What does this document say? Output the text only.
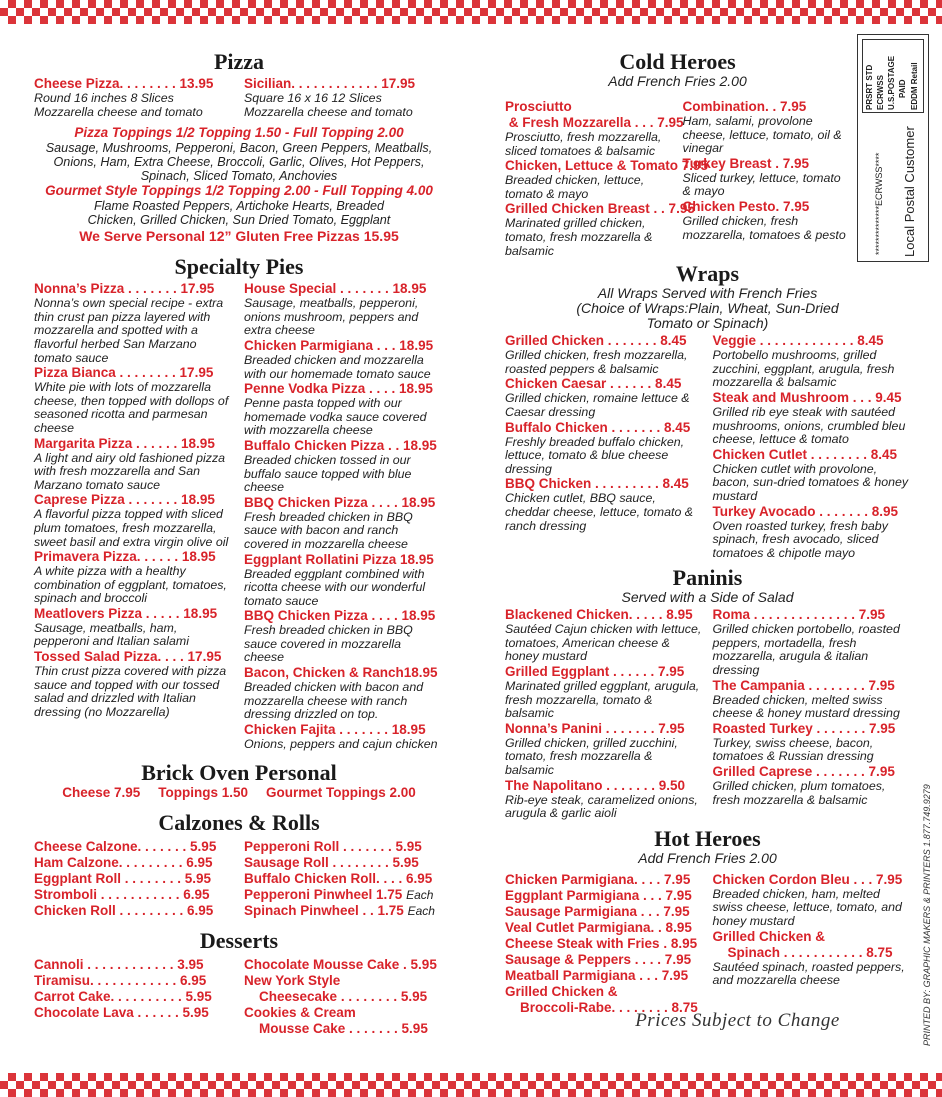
Pizza
Cheese Pizza. . . . . . . . 13.95
Round 16 inches 8 Slices
Mozzarella cheese and tomato
Sicilian. . . . . . . . . . . . 17.95
Square 16 x 16 12 Slices
Mozzarella cheese and tomato
Pizza Toppings 1/2 Topping 1.50 - Full Topping 2.00
Sausage, Mushrooms, Pepperoni, Bacon, Green Peppers, Meatballs, Onions, Ham, Extra Cheese, Broccoli, Garlic, Olives, Hot Peppers, Spinach, Sliced Tomato, Anchovies
Gourmet Style Toppings 1/2 Topping 2.00 - Full Topping 4.00
Flame Roasted Peppers, Artichoke Hearts, Breaded Chicken, Grilled Chicken, Sun Dried Tomato, Eggplant
We Serve Personal 12” Gluten Free Pizzas 15.95
Specialty Pies
Nonna’s Pizza . . . . . . . 17.95
Nonna’s own special recipe - extra thin crust pan pizza layered with mozzarella and spotted with a flavorful herbed San Marzano tomato sauce
Pizza Bianca . . . . . . . . 17.95
White pie with lots of mozzarella cheese, then topped with dollops of seasoned ricotta and parmesan cheese
Margarita Pizza . . . . . . 18.95
A light and airy old fashioned pizza with fresh mozzarella and San Marzano tomato sauce
Caprese Pizza . . . . . . . 18.95
A flavorful pizza topped with sliced plum tomatoes, fresh mozzarella, sweet basil and extra virgin olive oil
Primavera Pizza. . . . . . 18.95
A white pizza with a healthy combination of eggplant, tomatoes, spinach and broccoli
Meatlovers Pizza . . . . . 18.95
Sausage, meatballs, ham, pepperoni and Italian salami
Tossed Salad Pizza. . . . 17.95
Thin crust pizza covered with pizza sauce and topped with our tossed salad and drizzled with Italian dressing (no Mozzarella)
House Special . . . . . . . 18.95
Sausage, meatballs, pepperoni, onions mushroom, peppers and extra cheese
Chicken Parmigiana . . . 18.95
Breaded chicken and mozzarella with our homemade tomato sauce
Penne Vodka Pizza . . . . 18.95
Penne pasta topped with our homemade vodka sauce covered with mozzarella cheese
Buffalo Chicken Pizza . . 18.95
Breaded chicken tossed in our buffalo sauce topped with blue cheese
BBQ Chicken Pizza . . . . 18.95
Fresh breaded chicken in BBQ sauce with bacon and ranch covered in mozzarella cheese
Eggplant Rollatini Pizza 18.95
Breaded eggplant combined with ricotta cheese with our wonderful tomato sauce
BBQ Chicken Pizza . . . . 18.95
Fresh breaded chicken in BBQ sauce covered in mozzarella cheese
Bacon, Chicken & Ranch18.95
Breaded chicken with bacon and mozzarella cheese with ranch dressing drizzled on top.
Chicken Fajita . . . . . . . 18.95
Onions, peppers and cajun chicken
Brick Oven Personal
Cheese 7.95 Toppings 1.50 Gourmet Toppings 2.00
Calzones & Rolls
Cheese Calzone. . . . . . . 5.95
Ham Calzone. . . . . . . . . 6.95
Eggplant Roll . . . . . . . . 5.95
Stromboli . . . . . . . . . . . 6.95
Chicken Roll . . . . . . . . . 6.95
Pepperoni Roll . . . . . . . 5.95
Sausage Roll . . . . . . . . 5.95
Buffalo Chicken Roll. . . . 6.95
Pepperoni Pinwheel 1.75 Each
Spinach Pinwheel . . 1.75 Each
Desserts
Cannoli . . . . . . . . . . . . 3.95
Tiramisu. . . . . . . . . . . . 6.95
Carrot Cake. . . . . . . . . . 5.95
Chocolate Lava . . . . . . 5.95
Chocolate Mousse Cake . 5.95
New York Style
Cheesecake . . . . . . . . 5.95
Cookies & Cream
Mousse Cake . . . . . . . 5.95
Cold Heroes
Add French Fries 2.00
Prosciutto
& Fresh Mozzarella . . . 7.95
Prosciutto, fresh mozzarella, sliced tomatoes & balsamic
Chicken, Lettuce & Tomato 7.95
Breaded chicken, lettuce, tomato & mayo
Grilled Chicken Breast . . 7.95
Marinated grilled chicken, tomato, fresh mozzarella & balsamic
Combination. . 7.95
Ham, salami, provolone cheese, lettuce, tomato, oil & vinegar
Turkey Breast . 7.95
Sliced turkey, lettuce, tomato & mayo
Chicken Pesto. 7.95
Grilled chicken, fresh mozzarella, tomatoes & pesto
Wraps
All Wraps Served with French Fries
(Choice of Wraps:Plain, Wheat, Sun-Dried Tomato or Spinach)
Grilled Chicken . . . . . . . 8.45
Grilled chicken, fresh mozzarella, roasted peppers & balsamic
Chicken Caesar . . . . . . 8.45
Grilled chicken, romaine lettuce & Caesar dressing
Buffalo Chicken . . . . . . . 8.45
Freshly breaded buffalo chicken, lettuce, tomato & blue cheese dressing
BBQ Chicken . . . . . . . . . 8.45
Chicken cutlet, BBQ sauce, cheddar cheese, lettuce, tomato & ranch dressing
Veggie . . . . . . . . . . . . . 8.45
Portobello mushrooms, grilled zucchini, eggplant, arugula, fresh mozzarella & balsamic
Steak and Mushroom . . . 9.45
Grilled rib eye steak with sautéed mushrooms, onions, crumbled bleu cheese, lettuce & tomato
Chicken Cutlet . . . . . . . . 8.45
Chicken cutlet with provolone, bacon, sun-dried tomatoes & honey mustard
Turkey Avocado . . . . . . . 8.95
Oven roasted turkey, fresh baby spinach, fresh avocado, sliced tomatoes & chipotle mayo
Paninis
Served with a Side of Salad
Blackened Chicken. . . . . 8.95
Sautéed Cajun chicken with lettuce, tomatoes, American cheese & honey mustard
Grilled Eggplant . . . . . . 7.95
Marinated grilled eggplant, arugula, fresh mozzarella, tomato & balsamic
Nonna’s Panini . . . . . . . 7.95
Grilled chicken, grilled zucchini, tomato, fresh mozzarella & balsamic
The Napolitano . . . . . . . 9.50
Rib-eye steak, caramelized onions, arugula & garlic aioli
Roma . . . . . . . . . . . . . . 7.95
Grilled chicken portobello, roasted peppers, mortadella, fresh mozzarella, arugula & italian dressing
The Campania . . . . . . . . 7.95
Breaded chicken, melted swiss cheese & honey mustard dressing
Roasted Turkey . . . . . . . 7.95
Turkey, swiss cheese, bacon, tomatoes & Russian dressing
Grilled Caprese . . . . . . . 7.95
Grilled chicken, plum tomatoes, fresh mozzarella & balsamic
Hot Heroes
Add French Fries 2.00
Chicken Parmigiana. . . . 7.95
Eggplant Parmigiana . . . 7.95
Sausage Parmigiana . . . 7.95
Veal Cutlet Parmigiana. . 8.95
Cheese Steak with Fries . 8.95
Sausage & Peppers . . . . 7.95
Meatball Parmigiana . . . 7.95
Grilled Chicken &
Broccoli-Rabe. . . . . . . . 8.75
Chicken Cordon Bleu . . . 7.95
Breaded chicken, ham, melted swiss cheese, lettuce, tomato, and honey mustard
Grilled Chicken &
Spinach . . . . . . . . . . . 8.75
Sautéed spinach, roasted peppers, and mozzarella cheese
Prices Subject to Change
PRSRT STD ECRWSS U.S.POSTAGE PAID EDDM Retail
**************ECRWSS**** Local Postal Customer
PRINTED BY: GRAPHIC MAKERS & PRINTERS 1.877.749.9279
